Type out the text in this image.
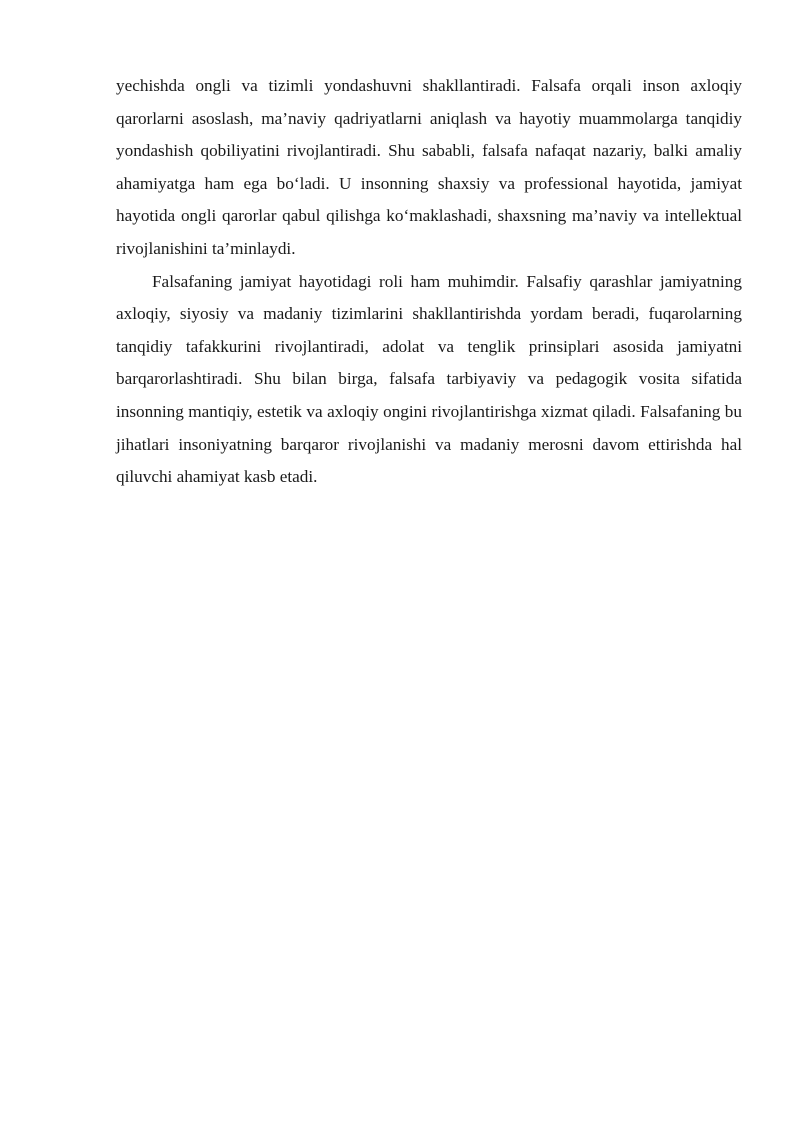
yechishda ongli va tizimli yondashuvni shakllantiradi. Falsafa orqali inson axloqiy qarorlarni asoslash, ma’naviy qadriyatlarni aniqlash va hayotiy muammolarga tanqidiy yondashish qobiliyatini rivojlantiradi. Shu sababli, falsafa nafaqat nazariy, balki amaliy ahamiyatga ham ega bo‘ladi. U insonning shaxsiy va professional hayotida, jamiyat hayotida ongli qarorlar qabul qilishga ko‘maklashadi, shaxsning ma’naviy va intellektual rivojlanishini ta’minlaydi.

Falsafaning jamiyat hayotidagi roli ham muhimdir. Falsafiy qarashlar jamiyatning axloqiy, siyosiy va madaniy tizimlarini shakllantirishda yordam beradi, fuqarolarning tanqidiy tafakkurini rivojlantiradi, adolat va tenglik prinsiplari asosida jamiyatni barqarorlashtiradi. Shu bilan birga, falsafa tarbiyaviy va pedagogik vosita sifatida insonning mantiqiy, estetik va axloqiy ongini rivojlantirishga xizmat qiladi. Falsafaning bu jihatlari insoniyatning barqaror rivojlanishi va madaniy merosni davom ettirishda hal qiluvchi ahamiyat kasb etadi.
